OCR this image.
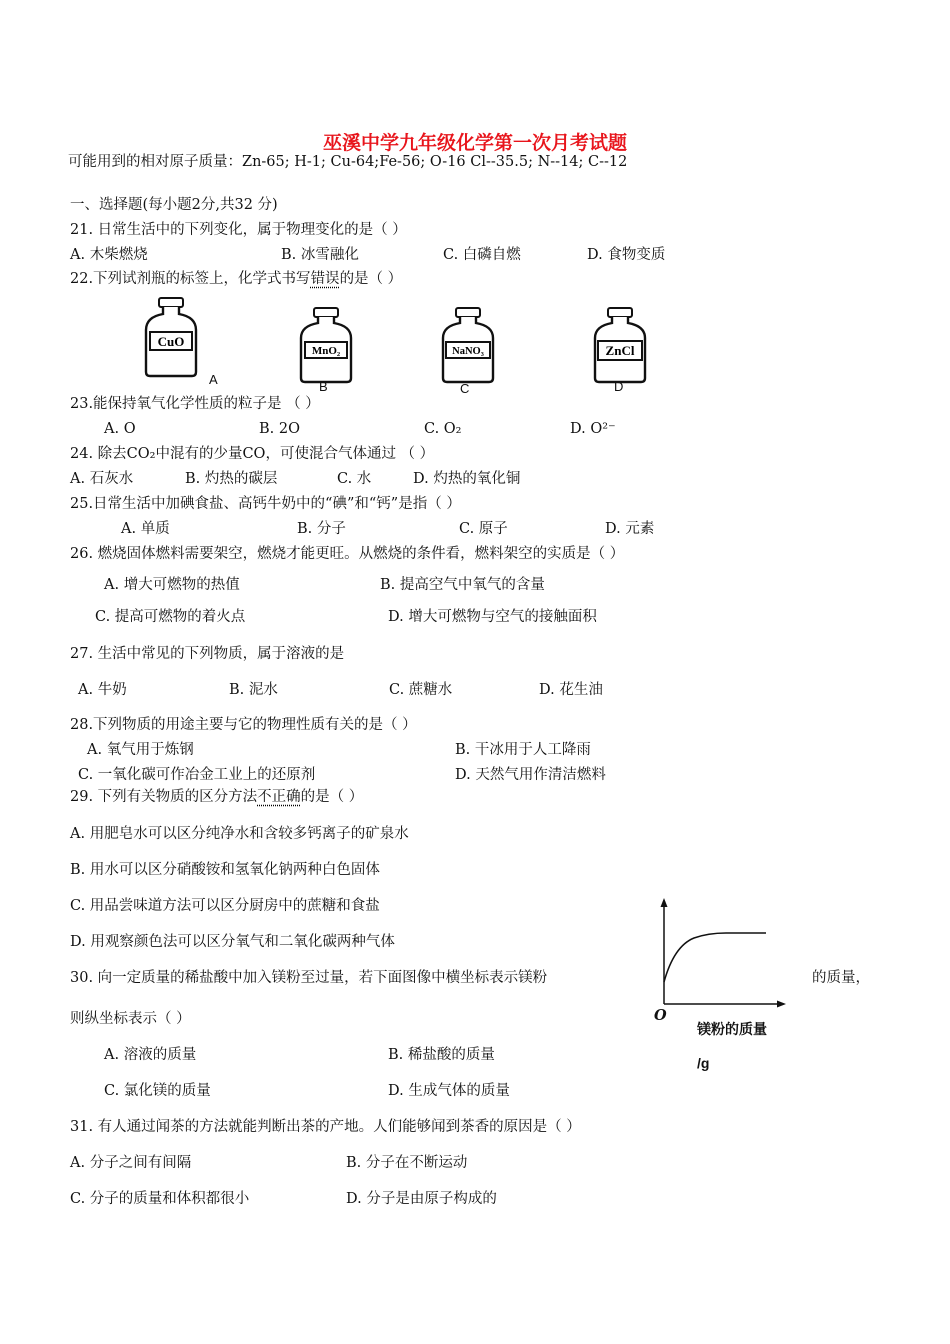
巫溪中学九年级化学第一次月考试题
可能用到的相对原子质量：Zn-65; H-1; Cu-64;Fe-56; O-16 Cl--35.5; N--14; C--12
一、选择题(每小题2分,共32 分)
21. 日常生活中的下列变化，属于物理变化的是（ ）
A. 木柴燃烧	B. 冰雪融化	C. 白磷自燃	D. 食物变质
22.下列试剂瓶的标签上，化学式书写错误的是（ ）
CuO
A
MnO₂
B
NaNO₃
C
ZnCl
D
23.能保持氧气化学性质的粒子是 （ ）
A. O	B. 2O	C. O₂	D. O²⁻
24. 除去CO₂中混有的少量CO，可使混合气体通过 （ ）
A. 石灰水	B. 灼热的碳层	C. 水	D. 灼热的氧化铜
25.日常生活中加碘食盐、高钙牛奶中的“碘”和“钙”是指（ ）
A. 单质	B. 分子	C. 原子	D. 元素
26. 燃烧固体燃料需要架空，燃烧才能更旺。从燃烧的条件看，燃料架空的实质是（ ）
A. 增大可燃物的热值	B. 提高空气中氧气的含量
C. 提高可燃物的着火点	D. 增大可燃物与空气的接触面积
27. 生活中常见的下列物质，属于溶液的是
A. 牛奶	B. 泥水	C. 蔗糖水	D. 花生油
28.下列物质的用途主要与它的物理性质有关的是（ ）
A. 氧气用于炼钢	B. 干冰用于人工降雨
C. 一氧化碳可作冶金工业上的还原剂	D. 天然气用作清洁燃料
29. 下列有关物质的区分方法不正确的是（ ）
A. 用肥皂水可以区分纯净水和含较多钙离子的矿泉水
B. 用水可以区分硝酸铵和氢氧化钠两种白色固体
C. 用品尝味道方法可以区分厨房中的蔗糖和食盐
D. 用观察颜色法可以区分氧气和二氧化碳两种气体
O
镁粉的质量
/g
30. 向一定质量的稀盐酸中加入镁粉至过量，若下面图像中横坐标表示镁粉	的质量，
则纵坐标表示（ ）
A. 溶液的质量	B. 稀盐酸的质量
C. 氯化镁的质量	D. 生成气体的质量
31. 有人通过闻茶的方法就能判断出茶的产地。人们能够闻到茶香的原因是（ ）
A. 分子之间有间隔	B. 分子在不断运动
C. 分子的质量和体积都很小	D. 分子是由原子构成的
